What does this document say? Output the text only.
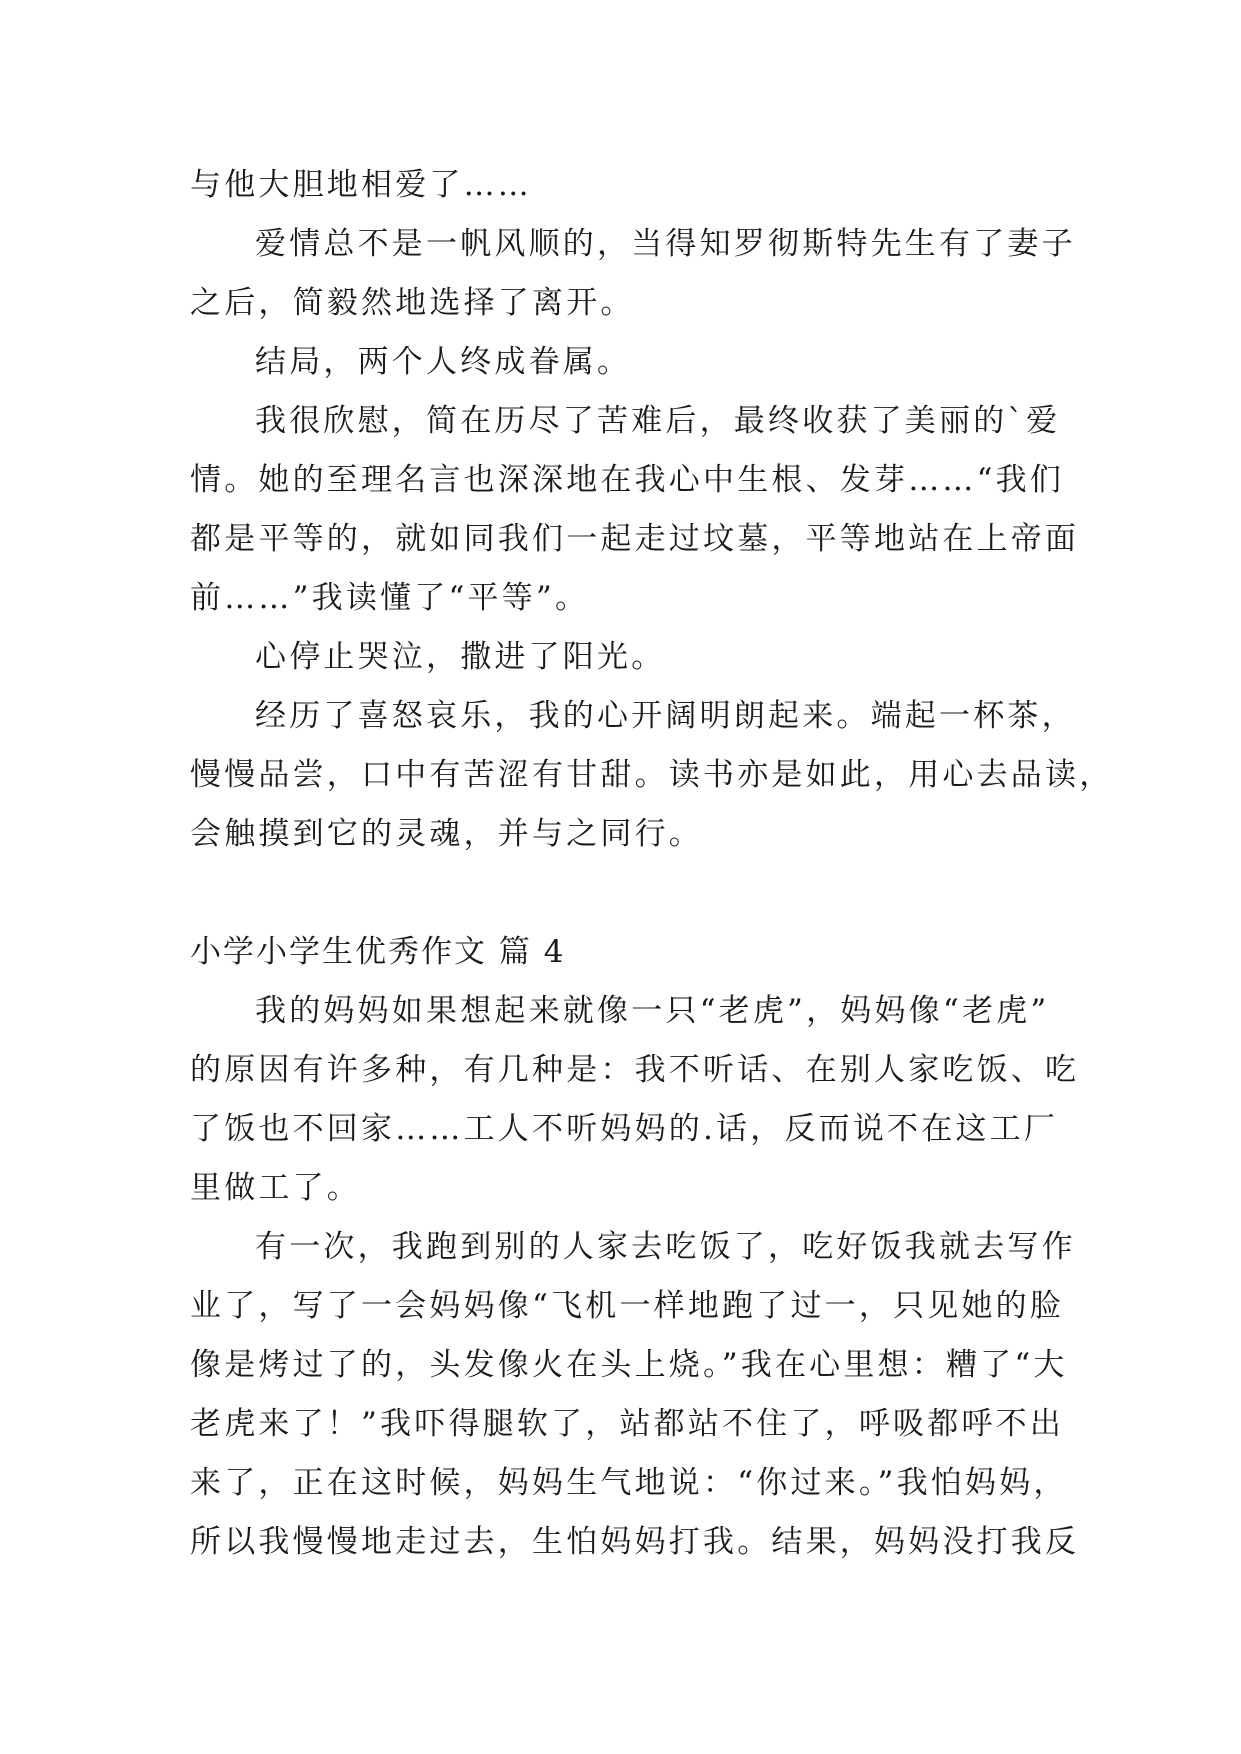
与他大胆地相爱了……
爱情总不是一帆风顺的，当得知罗彻斯特先生有了妻子
之后，简毅然地选择了离开。
结局，两个人终成眷属。
我很欣慰，简在历尽了苦难后，最终收获了美丽的`爱
情。她的至理名言也深深地在我心中生根、发芽……“我们
都是平等的，就如同我们一起走过坟墓，平等地站在上帝面
前……”我读懂了“平等”。
心停止哭泣，撒进了阳光。
经历了喜怒哀乐，我的心开阔明朗起来。端起一杯茶，
慢慢品尝，口中有苦涩有甘甜。读书亦是如此，用心去品读，
会触摸到它的灵魂，并与之同行。
小学小学生优秀作文 篇 4
我的妈妈如果想起来就像一只“老虎”，妈妈像“老虎”
的原因有许多种，有几种是：我不听话、在别人家吃饭、吃
了饭也不回家……工人不听妈妈的.话，反而说不在这工厂
里做工了。
有一次，我跑到别的人家去吃饭了，吃好饭我就去写作
业了，写了一会妈妈像“飞机一样地跑了过一，只见她的脸
像是烤过了的，头发像火在头上烧。”我在心里想：糟了“大
老虎来了！”我吓得腿软了，站都站不住了，呼吸都呼不出
来了，正在这时候，妈妈生气地说：“你过来。”我怕妈妈，
所以我慢慢地走过去，生怕妈妈打我。结果，妈妈没打我反
